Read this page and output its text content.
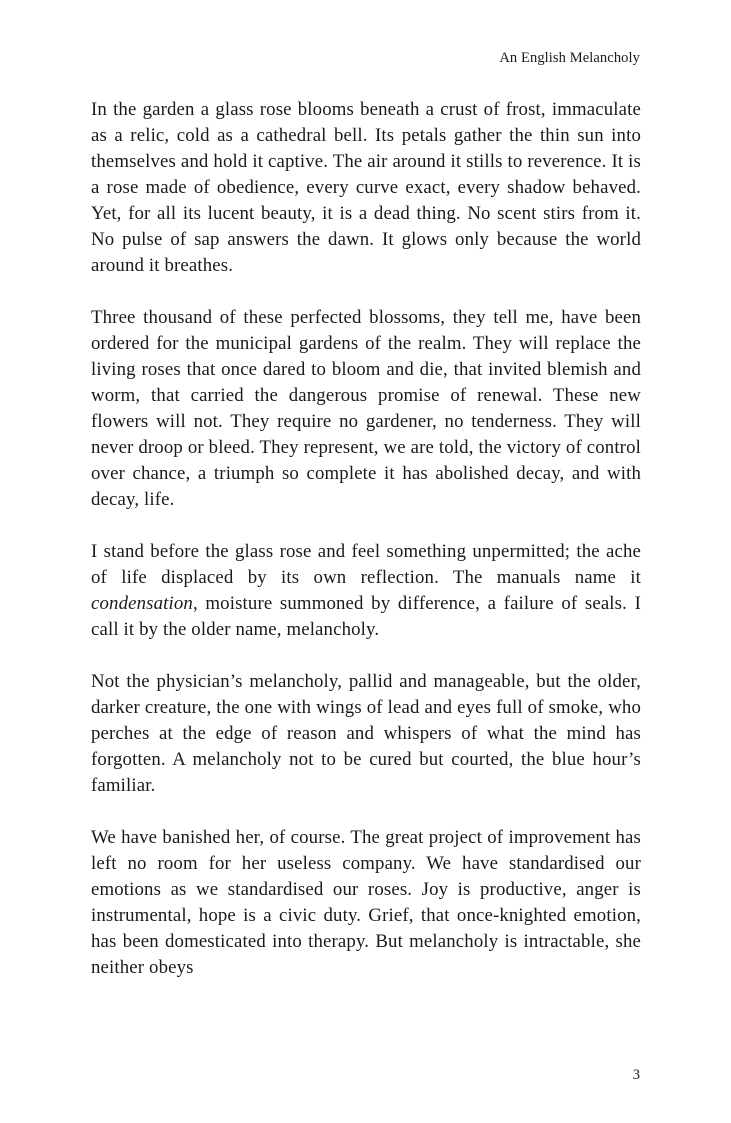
An English Melancholy

In the garden a glass rose blooms beneath a crust of frost, immaculate as a relic, cold as a cathedral bell. Its petals gather the thin sun into themselves and hold it captive. The air around it stills to reverence. It is a rose made of obedience, every curve exact, every shadow behaved. Yet, for all its lucent beauty, it is a dead thing. No scent stirs from it. No pulse of sap answers the dawn. It glows only because the world around it breathes.

Three thousand of these perfected blossoms, they tell me, have been ordered for the municipal gardens of the realm. They will replace the living roses that once dared to bloom and die, that invited blemish and worm, that carried the dangerous promise of renewal. These new flowers will not. They require no gardener, no tenderness. They will never droop or bleed. They represent, we are told, the victory of control over chance, a triumph so complete it has abolished decay, and with decay, life.

I stand before the glass rose and feel something unpermitted; the ache of life displaced by its own reflection. The manuals name it condensation, moisture summoned by difference, a failure of seals. I call it by the older name, melancholy.

Not the physician’s melancholy, pallid and manageable, but the older, darker creature, the one with wings of lead and eyes full of smoke, who perches at the edge of reason and whispers of what the mind has forgotten. A melancholy not to be cured but courted, the blue hour’s familiar.

We have banished her, of course. The great project of improvement has left no room for her useless company. We have standardised our emotions as we standardised our roses. Joy is productive, anger is instrumental, hope is a civic duty. Grief, that once-knighted emotion, has been domesticated into therapy. But melancholy is intractable, she neither obeys

3
